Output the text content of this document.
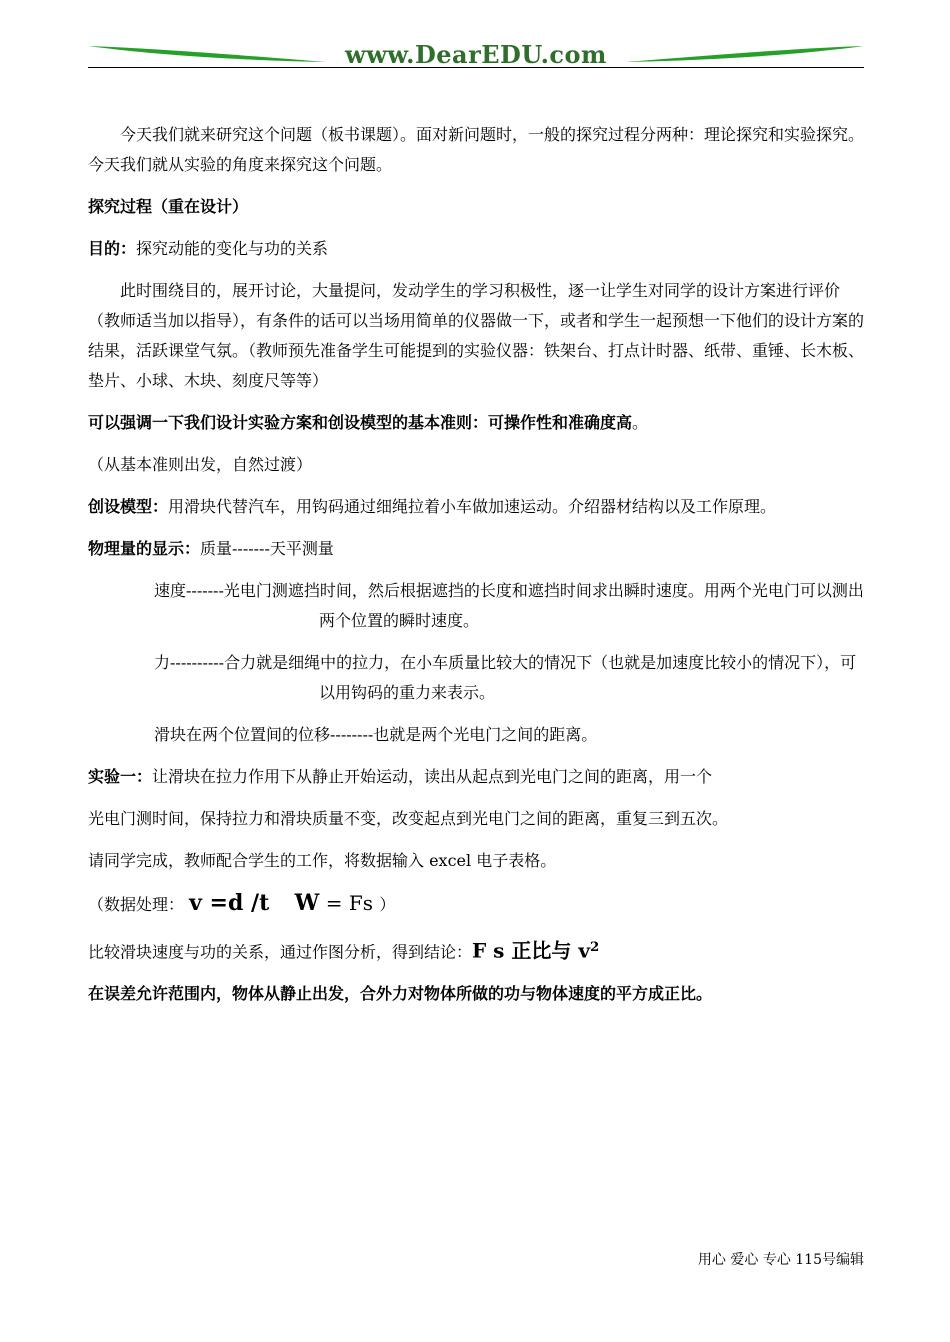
www.DearEDU.com

今天我们就来研究这个问题（板书课题）。面对新问题时，一般的探究过程分两种：理论探究和实验探究。今天我们就从实验的角度来探究这个问题。

探究过程（重在设计）

目的：探究动能的变化与功的关系

此时围绕目的，展开讨论，大量提问，发动学生的学习积极性，逐一让学生对同学的设计方案进行评价（教师适当加以指导），有条件的话可以当场用简单的仪器做一下，或者和学生一起预想一下他们的设计方案的结果，活跃课堂气氛。（教师预先准备学生可能提到的实验仪器：铁架台、打点计时器、纸带、重锤、长木板、垫片、小球、木块、刻度尺等等）

可以强调一下我们设计实验方案和创设模型的基本准则：可操作性和准确度高。

（从基本准则出发，自然过渡）

创设模型：用滑块代替汽车，用钩码通过细绳拉着小车做加速运动。介绍器材结构以及工作原理。

物理量的显示：质量-------天平测量

速度-------光电门测遮挡时间，然后根据遮挡的长度和遮挡时间求出瞬时速度。用两个光电门可以测出两个位置的瞬时速度。

力----------合力就是细绳中的拉力，在小车质量比较大的情况下（也就是加速度比较小的情况下），可以用钩码的重力来表示。

滑块在两个位置间的位移--------也就是两个光电门之间的距离。

实验一：让滑块在拉力作用下从静止开始运动，读出从起点到光电门之间的距离，用一个

光电门测时间，保持拉力和滑块质量不变，改变起点到光电门之间的距离，重复三到五次。

请同学完成，教师配合学生的工作，将数据输入 excel 电子表格。

（数据处理： v =d /t W = Fs ）

比较滑块速度与功的关系，通过作图分析，得到结论：F s 正比与 $v^2$

在误差允许范围内，物体从静止出发，合外力对物体所做的功与物体速度的平方成正比。

用心 爱心 专心 115号编辑
